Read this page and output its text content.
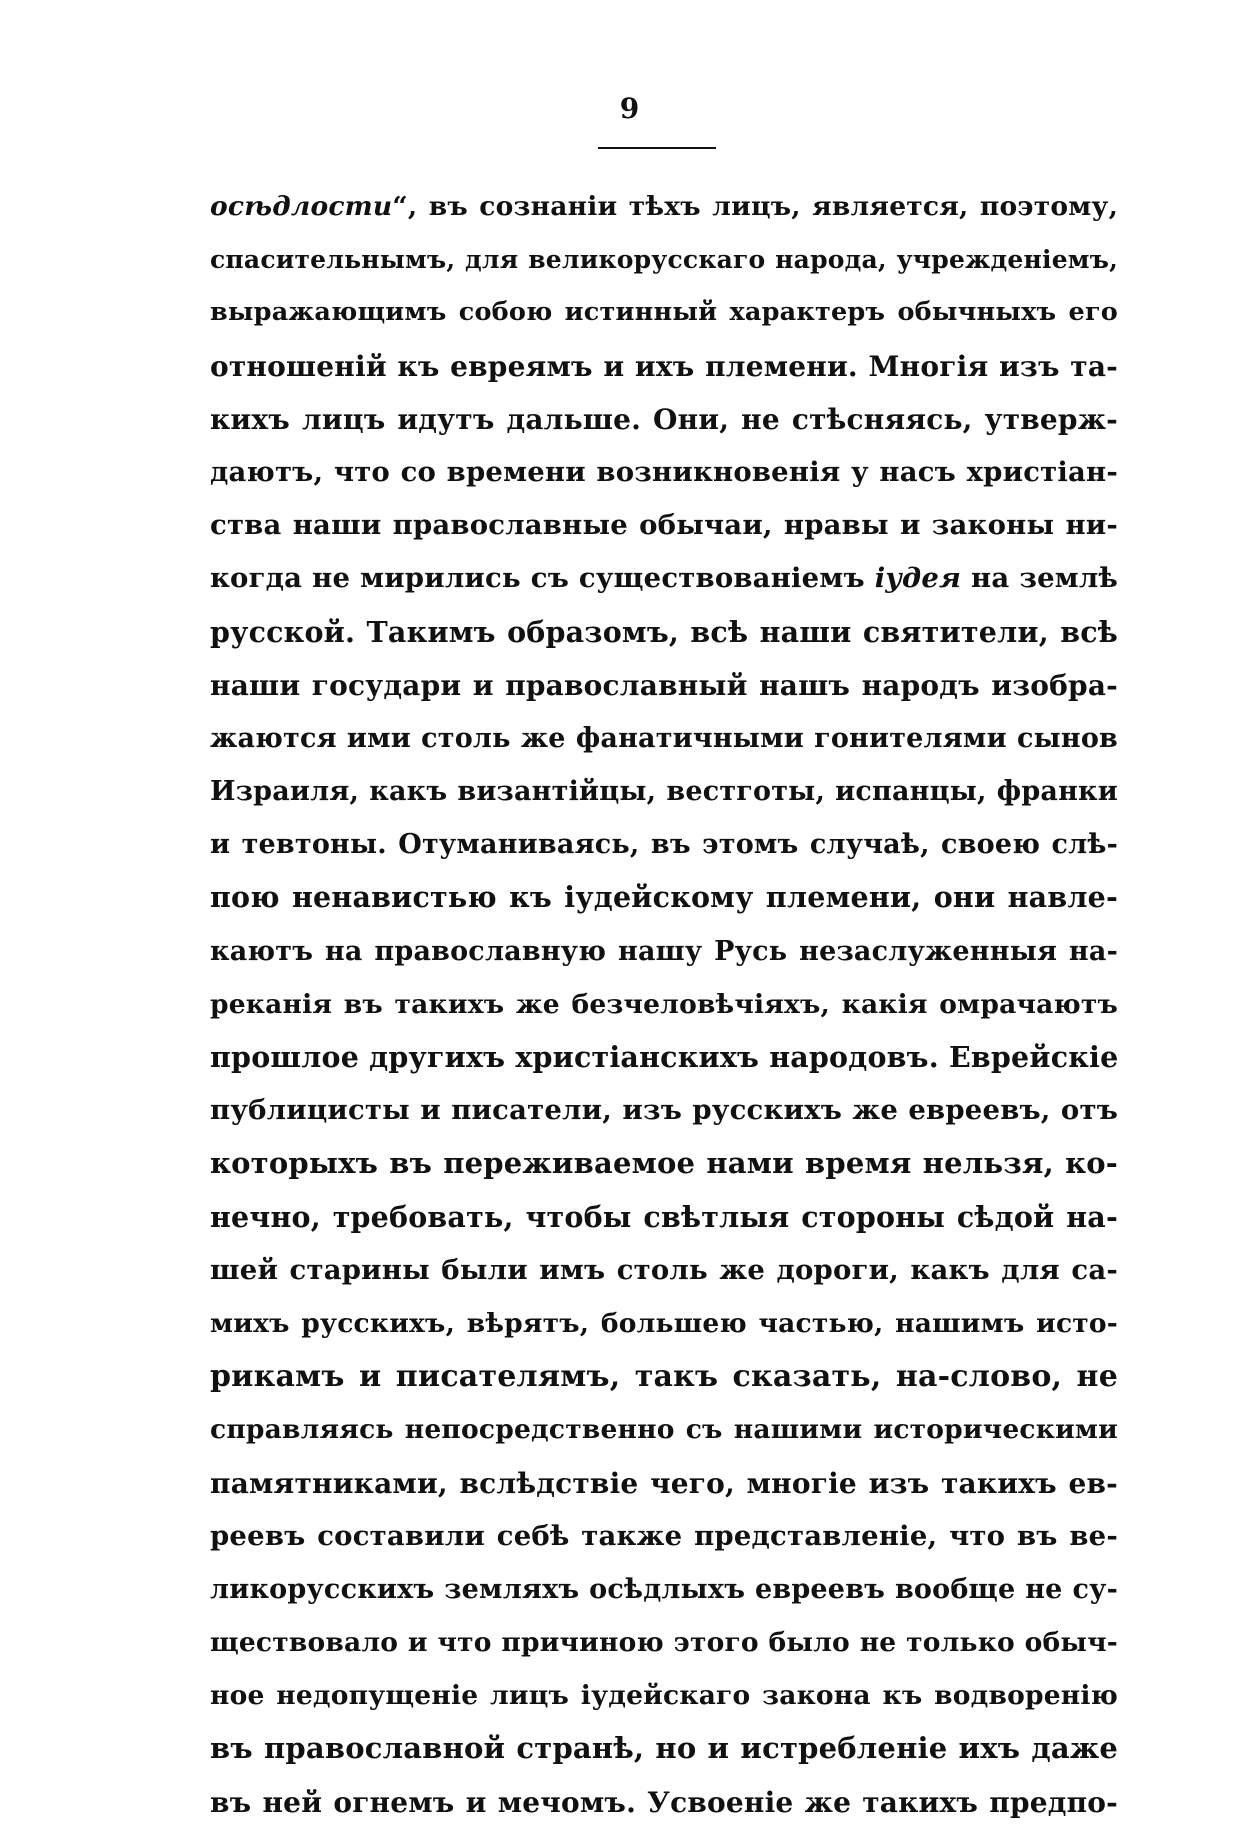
9
осѣдлости“, въ сознанiи тѣхъ лицъ, является, поэтому,
спасительнымъ, для великорусскаго народа, учрежденiемъ,
выражающимъ собою истинный характеръ обычныхъ его
отношенiй къ евреямъ и ихъ племени. Многiя изъ та-
кихъ лицъ идутъ дальше. Они, не стѣсняясь, утверж-
даютъ, что со времени возникновенiя у насъ христiан-
ства наши православные обычаи, нравы и законы ни-
когда не мирились съ существованiемъ iудея на землѣ
русской. Такимъ образомъ, всѣ наши святители, всѣ
наши государи и православный нашъ народъ изобра-
жаются ими столь же фанатичными гонителями сынов
Израиля, какъ византiйцы, вестготы, испанцы, франки
и тевтоны. Отуманиваясь, въ этомъ случаѣ, своею слѣ-
пою ненавистью къ iудейскому племени, они навле-
каютъ на православную нашу Русь незаслуженныя на-
реканiя въ такихъ же безчеловѣчiяхъ, какiя омрачаютъ
прошлое другихъ христiанскихъ народовъ. Еврейскiе
публицисты и писатели, изъ русскихъ же евреевъ, отъ
которыхъ въ переживаемое нами время нельзя, ко-
нечно, требовать, чтобы свѣтлыя стороны сѣдой на-
шей старины были имъ столь же дороги, какъ для са-
михъ русскихъ, вѣрятъ, большею частью, нашимъ исто-
рикамъ и писателямъ, такъ сказать, на-слово, не
справляясь непосредственно съ нашими историческими
памятниками, вслѣдствiе чего, многiе изъ такихъ ев-
реевъ составили себѣ также представленiе, что въ ве-
ликорусскихъ земляхъ осѣдлыхъ евреевъ вообще не су-
ществовало и что причиною этого было не только обыч-
ное недопущенiе лицъ iудейскаго закона къ водворенiю
въ православной странѣ, но и истребленiе ихъ даже
въ ней огнемъ и мечомъ. Усвоенiе же такихъ предпо-
